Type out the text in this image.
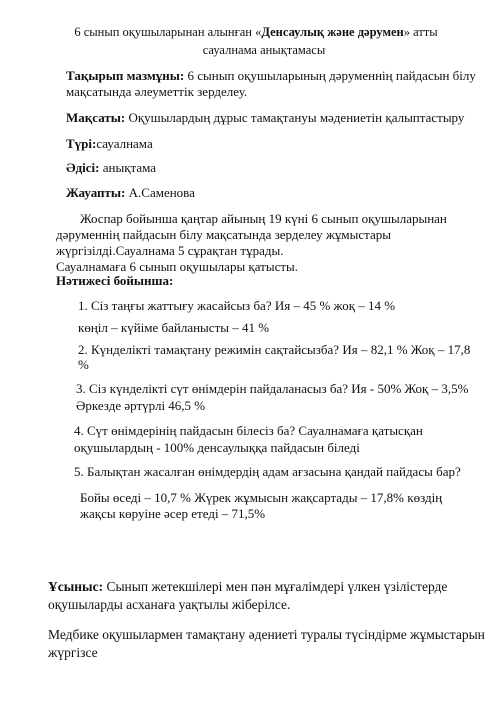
6 сынып оқушыларынан алынған «Денсаулық және дәрумен» атты
сауалнама анықтамасы
Тақырып мазмұны: 6 сынып оқушыларының дәруменнің пайдасын білу
мақсатында әлеуметтік зерделеу.
Мақсаты: Оқушылардың дұрыс тамақтануы мәдениетін қалыптастыру
Түрі:сауалнама
Әдісі: анықтама
Жауапты: А.Саменова
Жоспар бойынша қаңтар айының 19 күні 6 сынып оқушыларынан
дәруменнің пайдасын білу мақсатында зерделеу жұмыстары
жүргізілді.Сауалнама 5 сұрақтан тұрады.
Сауалнамаға 6 сынып оқушылары қатысты.
Нәтижесі бойынша:
1. Сіз таңғы жаттығу жасайсыз ба? Ия – 45 % жоқ – 14 %
көңіл – күйіме байланысты – 41 %
2. Күнделікті тамақтану режимін сақтайсызба? Ия – 82,1 % Жоқ – 17,8
%
3. Сіз күнделікті сүт өнімдерін пайдаланасыз ба? Ия - 50% Жоқ – 3,5%
Әркезде әртүрлі 46,5 %
4. Сүт өнімдерінің пайдасын білесіз ба? Сауалнамаға қатысқан
оқушылардың - 100% денсаулыққа пайдасын біледі
5. Балықтан жасалған өнімдердің адам ағзасына қандай пайдасы бар?
Бойы өседі – 10,7 % Жүрек жұмысын жақсартады – 17,8% көздің
жақсы көруіне әсер етеді – 71,5%
Ұсыныс: Сынып жетекшілері мен пән мұғалімдері үлкен үзілістерде
оқушыларды асханаға уақтылы жіберілсе.
Медбике оқушылармен тамақтану әдениеті туралы түсіндірме жұмыстарын
жүргізсе
